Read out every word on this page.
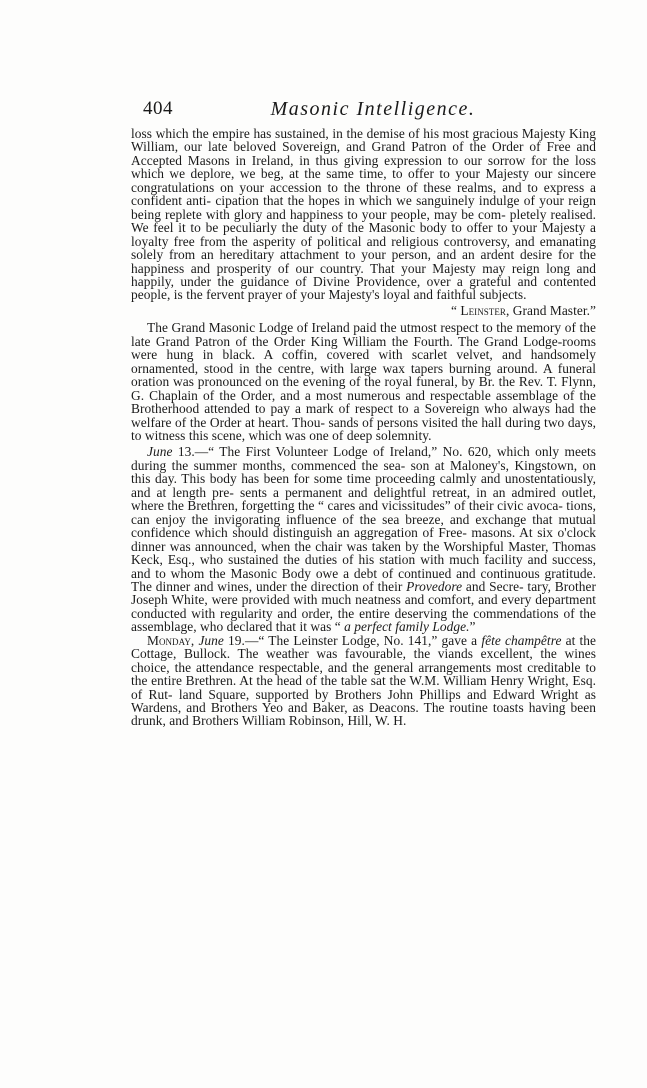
404	Masonic Intelligence.

loss which the empire has sustained, in the demise of his most gracious Majesty King William, our late beloved Sovereign, and Grand Patron of the Order of Free and Accepted Masons in Ireland, in thus giving expression to our sorrow for the loss which we deplore, we beg, at the same time, to offer to your Majesty our sincere congratulations on your accession to the throne of these realms, and to express a confident anti- cipation that the hopes in which we sanguinely indulge of your reign being replete with glory and happiness to your people, may be com- pletely realised. We feel it to be peculiarly the duty of the Masonic body to offer to your Majesty a loyalty free from the asperity of political and religious controversy, and emanating solely from an hereditary attachment to your person, and an ardent desire for the happiness and prosperity of our country. That your Majesty may reign long and happily, under the guidance of Divine Providence, over a grateful and contented people, is the fervent prayer of your Majesty's loyal and faithful subjects.

“ Leinster, Grand Master.”

The Grand Masonic Lodge of Ireland paid the utmost respect to the memory of the late Grand Patron of the Order King William the Fourth. The Grand Lodge-rooms were hung in black. A coffin, covered with scarlet velvet, and handsomely ornamented, stood in the centre, with large wax tapers burning around. A funeral oration was pronounced on the evening of the royal funeral, by Br. the Rev. T. Flynn, G. Chaplain of the Order, and a most numerous and respectable assemblage of the Brotherhood attended to pay a mark of respect to a Sovereign who always had the welfare of the Order at heart. Thou- sands of persons visited the hall during two days, to witness this scene, which was one of deep solemnity.

June 13.—“ The First Volunteer Lodge of Ireland,” No. 620, which only meets during the summer months, commenced the sea- son at Maloney's, Kingstown, on this day. This body has been for some time proceeding calmly and unostentatiously, and at length pre- sents a permanent and delightful retreat, in an admired outlet, where the Brethren, forgetting the “ cares and vicissitudes” of their civic avoca- tions, can enjoy the invigorating influence of the sea breeze, and exchange that mutual confidence which should distinguish an aggregation of Free- masons. At six o'clock dinner was announced, when the chair was taken by the Worshipful Master, Thomas Keck, Esq., who sustained the duties of his station with much facility and success, and to whom the Masonic Body owe a debt of continued and continuous gratitude. The dinner and wines, under the direction of their Provedore and Secre- tary, Brother Joseph White, were provided with much neatness and comfort, and every department conducted with regularity and order, the entire deserving the commendations of the assemblage, who declared that it was “ a perfect family Lodge.”

Monday, June 19.—“ The Leinster Lodge, No. 141,” gave a fête champêtre at the Cottage, Bullock. The weather was favourable, the viands excellent, the wines choice, the attendance respectable, and the general arrangements most creditable to the entire Brethren. At the head of the table sat the W.M. William Henry Wright, Esq. of Rut- land Square, supported by Brothers John Phillips and Edward Wright as Wardens, and Brothers Yeo and Baker, as Deacons. The routine toasts having been drunk, and Brothers William Robinson, Hill, W. H.
